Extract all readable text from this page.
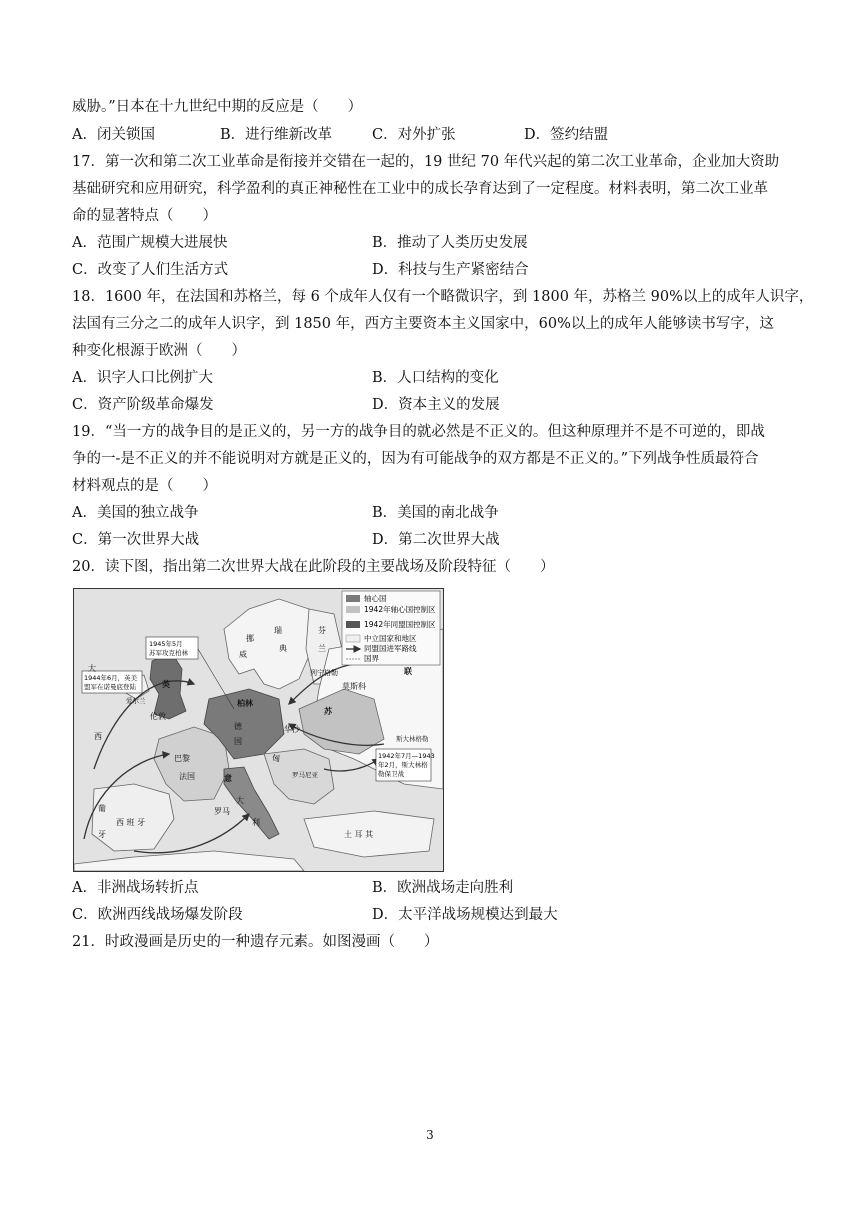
威胁。”日本在十九世纪中期的反应是（　　）
A．闭关锁国	B．进行维新改革	C．对外扩张	D．签约结盟
17．第一次和第二次工业革命是衔接并交错在一起的，19 世纪 70 年代兴起的第二次工业革命，企业加大资助
基础研究和应用研究，科学盈利的真正神秘性在工业中的成长孕育达到了一定程度。材料表明，第二次工业革
命的显著特点（　　）
A．范围广规模大进展快	B．推动了人类历史发展
C．改变了人们生活方式	D．科技与生产紧密结合
18．1600 年，在法国和苏格兰，每 6 个成年人仅有一个略微识字，到 1800 年，苏格兰 90%以上的成年人识字，
法国有三分之二的成年人识字，到 1850 年，西方主要资本主义国家中，60%以上的成年人能够读书写字，这
种变化根源于欧洲（　　）
A．识字人口比例扩大	B．人口结构的变化
C．资产阶级革命爆发	D．资本主义的发展
19．“当一方的战争目的是正义的，另一方的战争目的就必然是不正义的。但这种原理并不是不可逆的，即战
争的一-是不正义的并不能说明对方就是正义的，因为有可能战争的双方都是不正义的。”下列战争性质最符合
材料观点的是（　　）
A．美国的独立战争	B．美国的南北战争
C．第一次世界大战	D．第二次世界大战
20．读下图，指出第二次世界大战在此阶段的主要战场及阶段特征（　　）
轴心国
1942年轴心国控制区
1942年同盟国控制区
中立国家和地区
同盟国进军路线
国界
1945年5月
苏军攻克柏林
1944年6月，英美
盟军在诺曼底登陆
1942年7月—1943
年2月，斯大林格
勒保卫战
大
西
英
伦敦
爱尔兰
巴黎
法国
柏林
德
国
华沙
列宁格勒
莫斯科
苏
联
斯大林格勒
意
大
利
罗马
葡
牙
西 班 牙
土 耳 其
罗马尼亚
挪
威
瑞
典
芬
兰
匈
A．非洲战场转折点	B．欧洲战场走向胜利
C．欧洲西线战场爆发阶段	D．太平洋战场规模达到最大
21．时政漫画是历史的一种遗存元素。如图漫画（　　）
3
